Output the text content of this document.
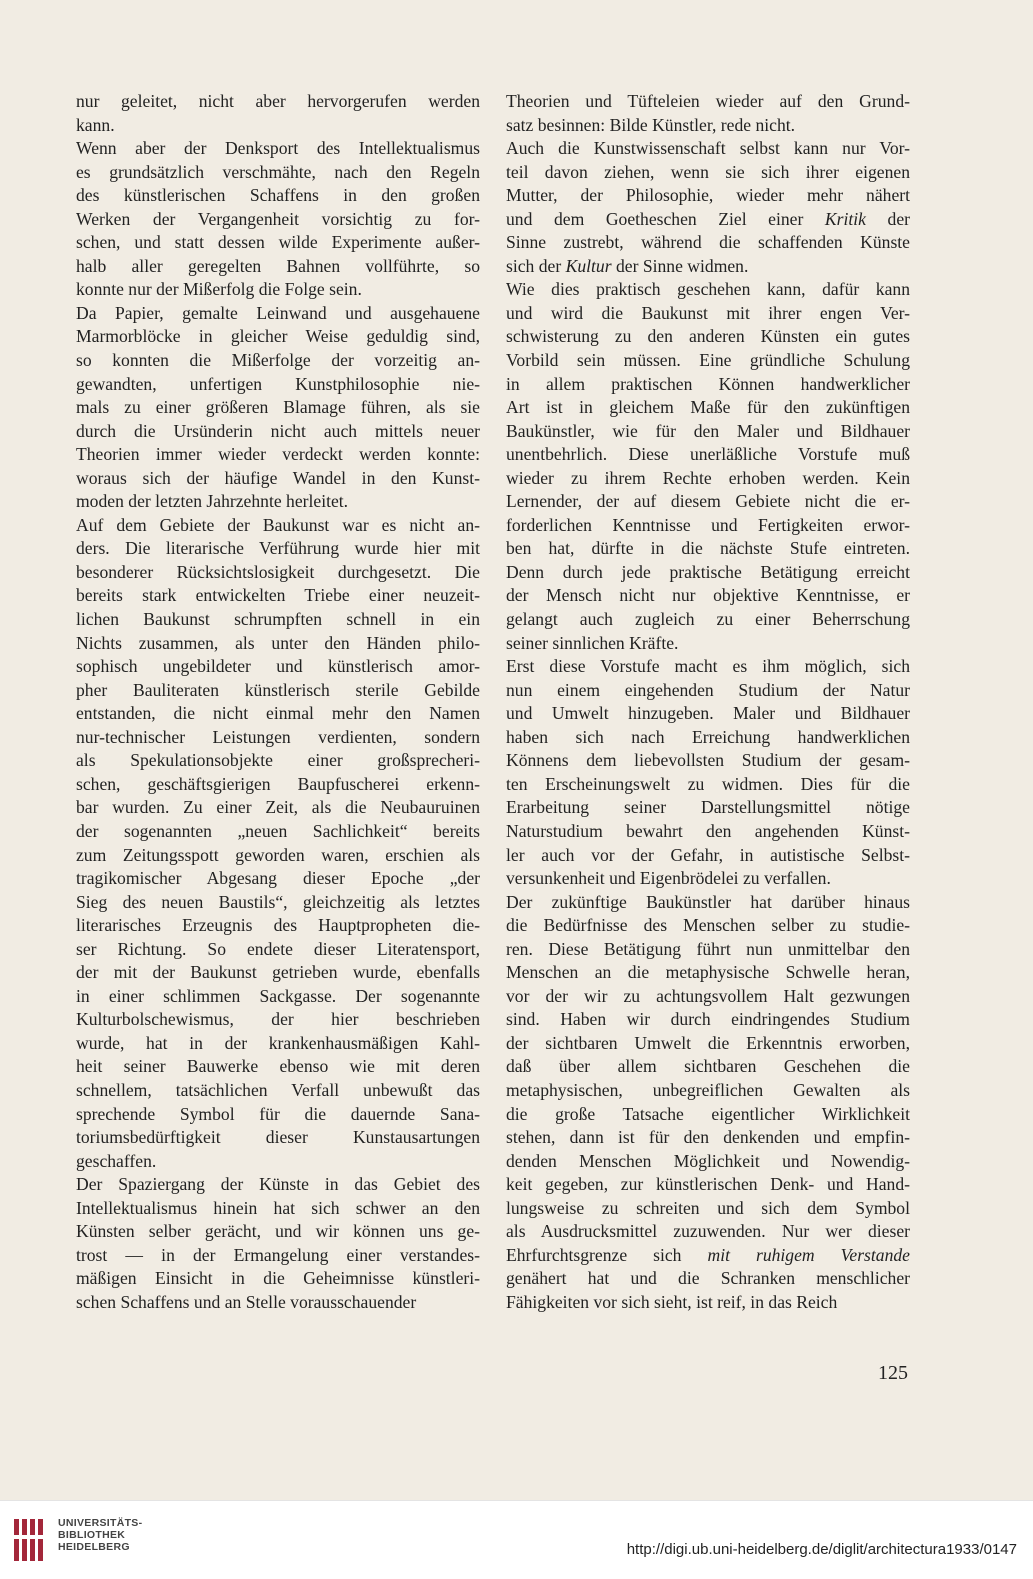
nur geleitet, nicht aber hervorgerufen werden
kann.

Wenn aber der Denksport des Intellektualismus
es grundsätzlich verschmähte, nach den Regeln
des künstlerischen Schaffens in den großen
Werken der Vergangenheit vorsichtig zu for-
schen, und statt dessen wilde Experimente außer-
halb aller geregelten Bahnen vollführte, so
konnte nur der Mißerfolg die Folge sein.

Da Papier, gemalte Leinwand und ausgehauene
Marmorblöcke in gleicher Weise geduldig sind,
so konnten die Mißerfolge der vorzeitig an-
gewandten, unfertigen Kunstphilosophie nie-
mals zu einer größeren Blamage führen, als sie
durch die Ursünderin nicht auch mittels neuer
Theorien immer wieder verdeckt werden konnte:
woraus sich der häufige Wandel in den Kunst-
moden der letzten Jahrzehnte herleitet.

Auf dem Gebiete der Baukunst war es nicht an-
ders. Die literarische Verführung wurde hier mit
besonderer Rücksichtslosigkeit durchgesetzt. Die
bereits stark entwickelten Triebe einer neuzeit-
lichen Baukunst schrumpften schnell in ein
Nichts zusammen, als unter den Händen philo-
sophisch ungebildeter und künstlerisch amor-
pher Bauliteraten künstlerisch sterile Gebilde
entstanden, die nicht einmal mehr den Namen
nur-technischer Leistungen verdienten, sondern
als Spekulationsobjekte einer großsprecheri-
schen, geschäftsgierigen Baupfuscherei erkenn-
bar wurden. Zu einer Zeit, als die Neubauruinen
der sogenannten „neuen Sachlichkeit“ bereits
zum Zeitungsspott geworden waren, erschien als
tragikomischer Abgesang dieser Epoche „der
Sieg des neuen Baustils“, gleichzeitig als letztes
literarisches Erzeugnis des Hauptpropheten die-
ser Richtung. So endete dieser Literatensport,
der mit der Baukunst getrieben wurde, ebenfalls
in einer schlimmen Sackgasse. Der sogenannte
Kulturbolschewismus, der hier beschrieben
wurde, hat in der krankenhausmäßigen Kahl-
heit seiner Bauwerke ebenso wie mit deren
schnellem, tatsächlichen Verfall unbewußt das
sprechende Symbol für die dauernde Sana-
toriumsbedürftigkeit dieser Kunstausartungen
geschaffen.

Der Spaziergang der Künste in das Gebiet des
Intellektualismus hinein hat sich schwer an den
Künsten selber gerächt, und wir können uns ge-
trost — in der Ermangelung einer verstandes-
mäßigen Einsicht in die Geheimnisse künstleri-
schen Schaffens und an Stelle vorausschauender

Theorien und Tüfteleien wieder auf den Grund-
satz besinnen: Bilde Künstler, rede nicht.

Auch die Kunstwissenschaft selbst kann nur Vor-
teil davon ziehen, wenn sie sich ihrer eigenen
Mutter, der Philosophie, wieder mehr nähert
und dem Goetheschen Ziel einer Kritik der
Sinne zustrebt, während die schaffenden Künste
sich der Kultur der Sinne widmen.

Wie dies praktisch geschehen kann, dafür kann
und wird die Baukunst mit ihrer engen Ver-
schwisterung zu den anderen Künsten ein gutes
Vorbild sein müssen. Eine gründliche Schulung
in allem praktischen Können handwerklicher
Art ist in gleichem Maße für den zukünftigen
Baukünstler, wie für den Maler und Bildhauer
unentbehrlich. Diese unerläßliche Vorstufe muß
wieder zu ihrem Rechte erhoben werden. Kein
Lernender, der auf diesem Gebiete nicht die er-
forderlichen Kenntnisse und Fertigkeiten erwor-
ben hat, dürfte in die nächste Stufe eintreten.
Denn durch jede praktische Betätigung erreicht
der Mensch nicht nur objektive Kenntnisse, er
gelangt auch zugleich zu einer Beherrschung
seiner sinnlichen Kräfte.

Erst diese Vorstufe macht es ihm möglich, sich
nun einem eingehenden Studium der Natur
und Umwelt hinzugeben. Maler und Bildhauer
haben sich nach Erreichung handwerklichen
Könnens dem liebevollsten Studium der gesam-
ten Erscheinungswelt zu widmen. Dies für die
Erarbeitung seiner Darstellungsmittel nötige
Naturstudium bewahrt den angehenden Künst-
ler auch vor der Gefahr, in autistische Selbst-
versunkenheit und Eigenbrödelei zu verfallen.

Der zukünftige Baukünstler hat darüber hinaus
die Bedürfnisse des Menschen selber zu studie-
ren. Diese Betätigung führt nun unmittelbar den
Menschen an die metaphysische Schwelle heran,
vor der wir zu achtungsvollem Halt gezwungen
sind. Haben wir durch eindringendes Studium
der sichtbaren Umwelt die Erkenntnis erworben,
daß über allem sichtbaren Geschehen die
metaphysischen, unbegreiflichen Gewalten als
die große Tatsache eigentlicher Wirklichkeit
stehen, dann ist für den denkenden und empfin-
denden Menschen Möglichkeit und Nowendig-
keit gegeben, zur künstlerischen Denk- und Hand-
lungsweise zu schreiten und sich dem Symbol
als Ausdrucksmittel zuzuwenden. Nur wer dieser
Ehrfurchtsgrenze sich mit ruhigem Verstande
genähert hat und die Schranken menschlicher
Fähigkeiten vor sich sieht, ist reif, in das Reich

125
UNIVERSITÄTS-
BIBLIOTHEK
HEIDELBERG	http://digi.ub.uni-heidelberg.de/diglit/architectura1933/0147
